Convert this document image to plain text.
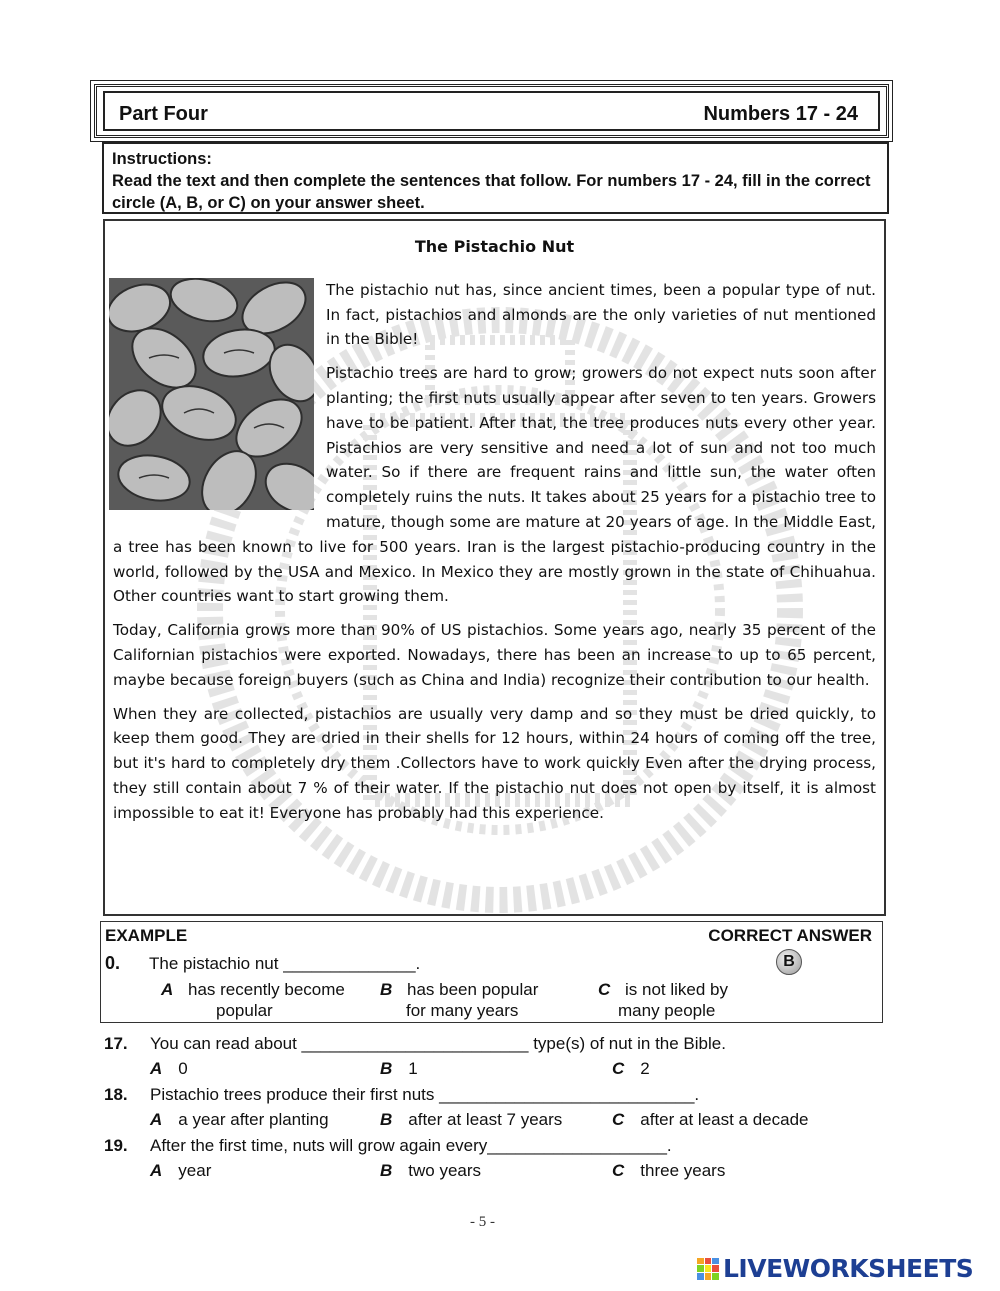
Part Four	Numbers 17 - 24
Instructions:
Read the text and then complete the sentences that follow. For numbers 17 - 24, fill in the correct circle (A, B, or C) on your answer sheet.
The Pistachio Nut

The pistachio nut has, since ancient times, been a popular type of nut. In fact, pistachios and almonds are the only varieties of nut mentioned in the Bible!

Pistachio trees are hard to grow; growers do not expect nuts soon after planting; the first nuts usually appear after seven to ten years. Growers have to be patient. After that, the tree produces nuts every other year. Pistachios are very sensitive and need a lot of sun and not too much water. So if there are frequent rains and little sun, the water often completely ruins the nuts. It takes about 25 years for a pistachio tree to mature, though some are mature at 20 years of age. In the Middle East, a tree has been known to live for 500 years. Iran is the largest pistachio-producing country in the world, followed by the USA and Mexico. In Mexico they are mostly grown in the state of Chihuahua. Other countries want to start growing them.

Today, California grows more than 90% of US pistachios. Some years ago, nearly 35 percent of the Californian pistachios were exported. Nowadays, there has been an increase to up to 65 percent, maybe because foreign buyers (such as China and India) recognize their contribution to our health.

When they are collected, pistachios are usually very damp and so they must be dried quickly, to keep them good. They are dried in their shells for 12 hours, within 24 hours of coming off the tree, but it's hard to completely dry them .Collectors have to work quickly Even after the drying process, they still contain about 7 % of their water. If the pistachio nut does not open by itself, it is almost impossible to eat it! Everyone has probably had this experience.

EXAMPLE	CORRECT ANSWER
0. The pistachio nut ______________.	B
A has recently become
popular
B has been popular
for many years
C is not liked by
many people
17. You can read about ________________________ type(s) of nut in the Bible.
A 0	B 1	C 2
18. Pistachio trees produce their first nuts ___________________________.
A a year after planting	B after at least 7 years	C after at least a decade
19. After the first time, nuts will grow again every___________________.
A year	B two years	C three years
- 5 -
LIVEWORKSHEETS
